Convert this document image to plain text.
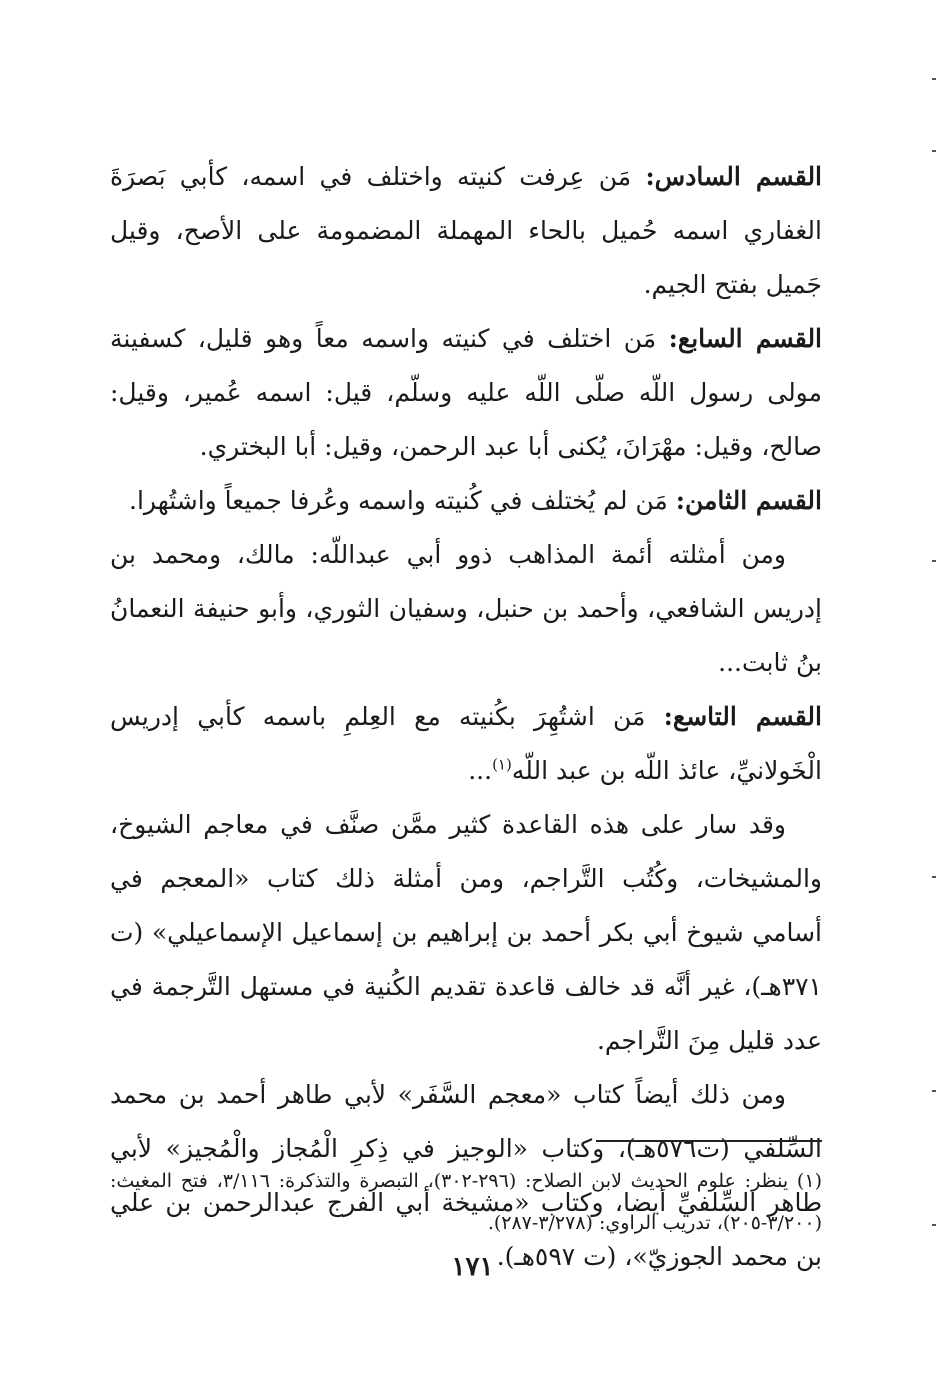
القسم السادس: مَن عِرفت كنيته واختلف في اسمه، كأبي بَصرَةَ الغفاري اسمه حُميل بالحاء المهملة المضمومة على الأصح، وقيل جَميل بفتح الجيم.

القسم السابع: مَن اختلف في كنيته واسمه معاً وهو قليل، كسفينة مولى رسول اللّه صلّى اللّه عليه وسلّم، قيل: اسمه عُمير، وقيل: صالح، وقيل: مهْرَانَ، يُكنى أبا عبد الرحمن، وقيل: أبا البختري.

القسم الثامن: مَن لم يُختلف في كُنيته واسمه وعُرفا جميعاً واشتُهرا.

ومن أمثلته أئمة المذاهب ذوو أبي عبداللّه: مالك، ومحمد بن إدريس الشافعي، وأحمد بن حنبل، وسفيان الثوري، وأبو حنيفة النعمانُ بنُ ثابت...

القسم التاسع: مَن اشتُهِرَ بكُنيته مع العِلمِ باسمه كأبي إدريس الْخَولانيِّ، عائذ اللّه بن عبد اللّه$^{(١)}$...

وقد سار على هذه القاعدة كثير ممَّن صنَّف في معاجم الشيوخ، والمشيخات، وكُتُب التَّراجم، ومن أمثلة ذلك كتاب «المعجم في أسامي شيوخ أبي بكر أحمد بن إبراهيم بن إسماعيل الإسماعيلي» (ت ٣٧١هـ)، غير أنَّه قد خالف قاعدة تقديم الكُنية في مستهل التَّرجمة في عدد قليل مِنَ التَّراجم.

ومن ذلك أيضاً كتاب «معجم السَّفَر» لأبي طاهر أحمد بن محمد السِّلفي (ت٥٧٦هـ)، وكتاب «الوجيز في ذِكرِ الْمُجاز والْمُجيز» لأبي طاهر السِّلفيِّ أيضا، وكتاب «مشيخة أبي الفرج عبدالرحمن بن علي بن محمد الجوزيّ»، (ت ٥٩٧هـ).

(١) ينظر: علوم الحديث لابن الصلاح: (٢٩٦-٣٠٢)، التبصرة والتذكرة: ٣/١١٦، فتح المغيث: (٣/٢٠٠-٢٠٥)، تدريب الراوي: (٣/٢٧٨-٢٨٧).
١٧١
